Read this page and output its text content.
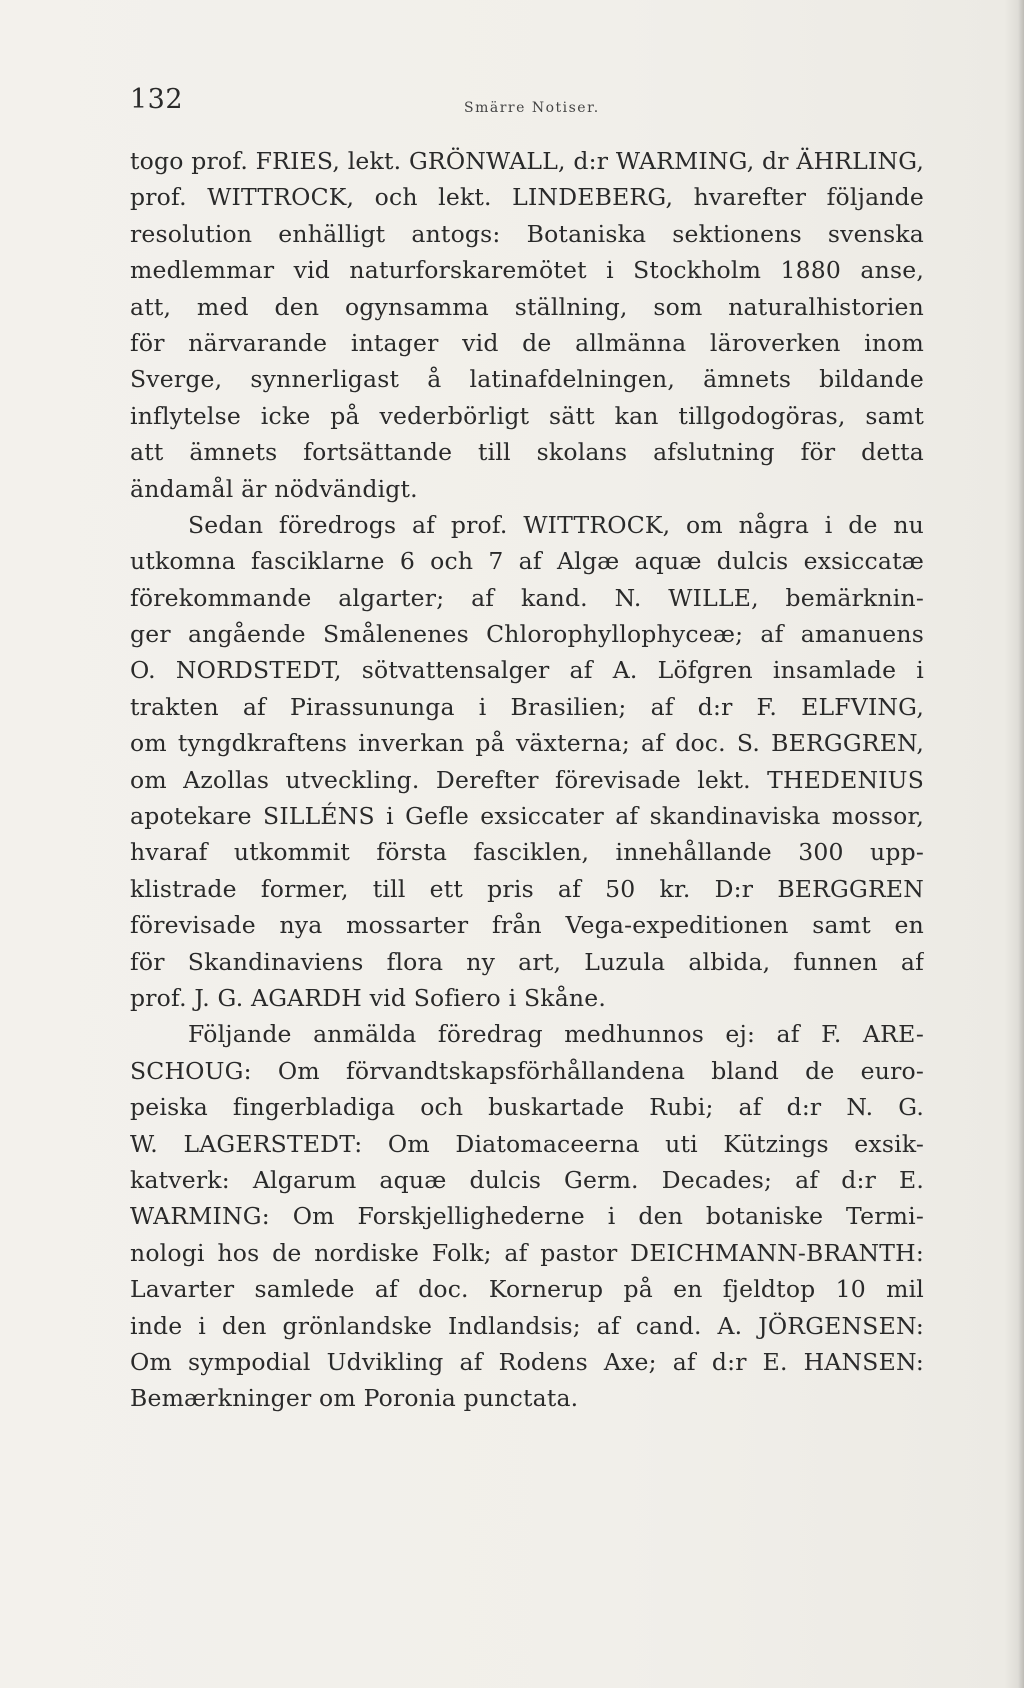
132	Smärre Notiser.
togo prof. FRIES, lekt. GRÖNWALL, d:r WARMING, dr ÄHRLING,
prof. WITTROCK, och lekt. LINDEBERG, hvarefter följande
resolution enhälligt antogs: Botaniska sektionens svenska
medlemmar vid naturforskaremötet i Stockholm 1880 anse,
att, med den ogynsamma ställning, som naturalhistorien
för närvarande intager vid de allmänna läroverken inom
Sverge, synnerligast å latinafdelningen, ämnets bildande
inflytelse icke på vederbörligt sätt kan tillgodogöras, samt
att ämnets fortsättande till skolans afslutning för detta
ändamål är nödvändigt.
Sedan föredrogs af prof. WITTROCK, om några i de nu
utkomna fasciklarne 6 och 7 af Algæ aquæ dulcis exsiccatæ
förekommande algarter; af kand. N. WILLE, bemärknin-
ger angående Smålenenes Chlorophyllophyceæ; af amanuens
O. NORDSTEDT, sötvattensalger af A. Löfgren insamlade i
trakten af Pirassununga i Brasilien; af d:r F. ELFVING,
om tyngdkraftens inverkan på växterna; af doc. S. BERGGREN,
om Azollas utveckling. Derefter förevisade lekt. THEDENIUS
apotekare SILLÉNS i Gefle exsiccater af skandinaviska mossor,
hvaraf utkommit första fasciklen, innehållande 300 upp-
klistrade former, till ett pris af 50 kr. D:r BERGGREN
förevisade nya mossarter från Vega-expeditionen samt en
för Skandinaviens flora ny art, Luzula albida, funnen af
prof. J. G. AGARDH vid Sofiero i Skåne.
Följande anmälda föredrag medhunnos ej: af F. ARE-
SCHOUG: Om förvandtskapsförhållandena bland de euro-
peiska fingerbladiga och buskartade Rubi; af d:r N. G.
W. LAGERSTEDT: Om Diatomaceerna uti Kützings exsik-
katverk: Algarum aquæ dulcis Germ. Decades; af d:r E.
WARMING: Om Forskjellighederne i den botaniske Termi-
nologi hos de nordiske Folk; af pastor DEICHMANN-BRANTH:
Lavarter samlede af doc. Kornerup på en fjeldtop 10 mil
inde i den grönlandske Indlandsis; af cand. A. JÖRGENSEN:
Om sympodial Udvikling af Rodens Axe; af d:r E. HANSEN:
Bemærkninger om Poronia punctata.
